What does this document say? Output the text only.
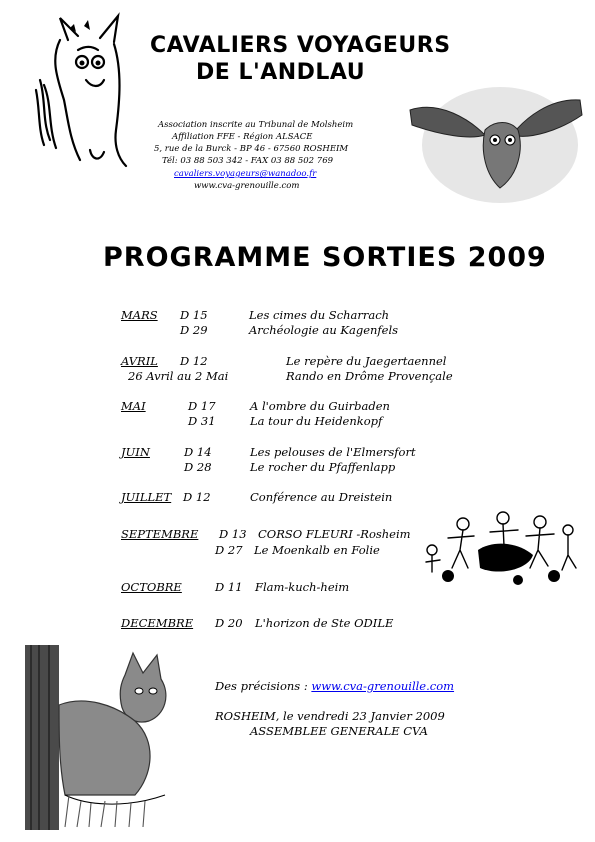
CAVALIERS VOYAGEURS
DE L'ANDLAU
Association inscrite au Tribunal de Molsheim
Affiliation FFE - Région ALSACE
5, rue de la Burck - BP 46 - 67560 ROSHEIM
Tél: 03 88 503 342 - FAX 03 88 502 769
cavaliers.voyageurs@wanadoo.fr
www.cva-grenouille.com
PROGRAMME SORTIES 2009
MARS D 15	Les cimes du Scharrach
D 29	Archéologie au Kagenfels
AVRIL D 12	Le repère du Jaegertaennel
26 Avril au 2 Mai	Rando en Drôme Provençale
MAI	D 17	A l'ombre du Guirbaden
D 31	La tour du Heidenkopf
JUIN	D 14	Les pelouses de l'Elmersfort
D 28	Le rocher du Pfaffenlapp
JUILLET D 12	Conférence au Dreistein
SEPTEMBRE D 13 CORSO FLEURI -Rosheim
D 27 Le Moenkalb en Folie
OCTOBRE	D 11 Flam-kuch-heim
DECEMBRE D 20 L'horizon de Ste ODILE
Des précisions : www.cva-grenouille.com
ROSHEIM, le vendredi 23 Janvier 2009
ASSEMBLEE GENERALE CVA
